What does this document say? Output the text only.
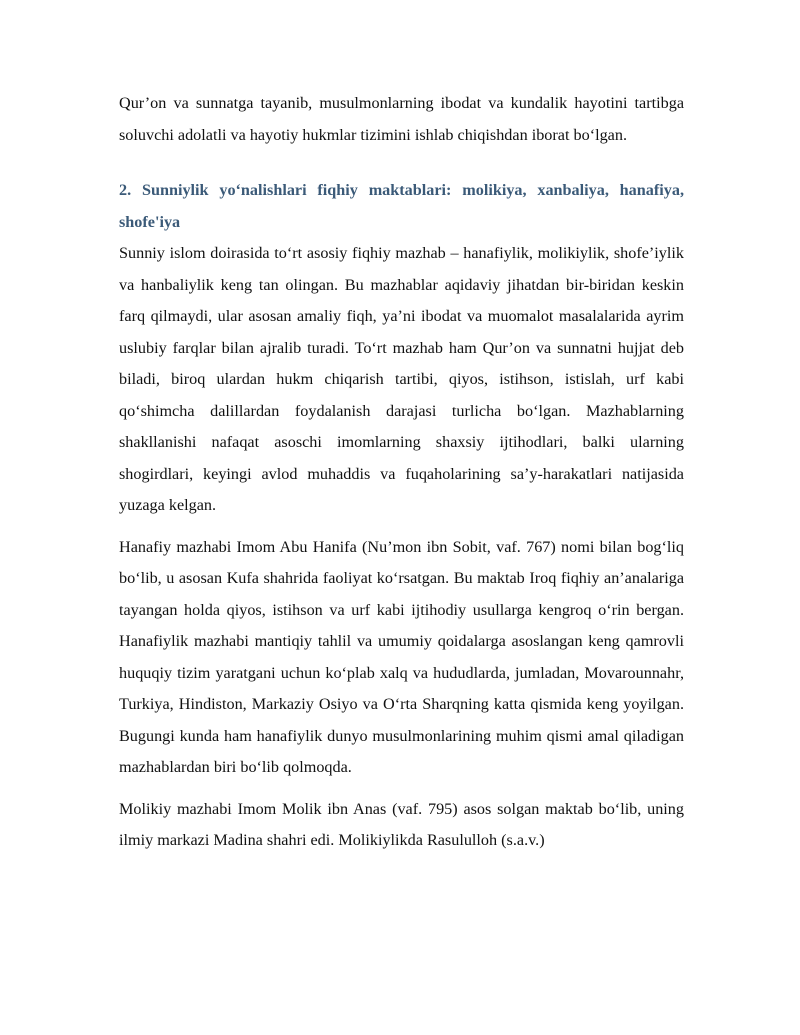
Qur’on va sunnatga tayanib, musulmonlarning ibodat va kundalik hayotini tartibga soluvchi adolatli va hayotiy hukmlar tizimini ishlab chiqishdan iborat bo‘lgan.

2. Sunniylik yo‘nalishlari fiqhiy maktablari: molikiya, xanbaliya, hanafiya, shofe'iya

Sunniy islom doirasida to‘rt asosiy fiqhiy mazhab – hanafiylik, molikiylik, shofe’iylik va hanbaliylik keng tan olingan. Bu mazhablar aqidaviy jihatdan bir-biridan keskin farq qilmaydi, ular asosan amaliy fiqh, ya’ni ibodat va muomalot masalalarida ayrim uslubiy farqlar bilan ajralib turadi. To‘rt mazhab ham Qur’on va sunnatni hujjat deb biladi, biroq ulardan hukm chiqarish tartibi, qiyos, istihson, istislah, urf kabi qo‘shimcha dalillardan foydalanish darajasi turlicha bo‘lgan. Mazhablarning shakllanishi nafaqat asoschi imomlarning shaxsiy ijtihodlari, balki ularning shogirdlari, keyingi avlod muhaddis va fuqaholarining sa’y-harakatlari natijasida yuzaga kelgan.

Hanafiy mazhabi Imom Abu Hanifa (Nu’mon ibn Sobit, vaf. 767) nomi bilan bog‘liq bo‘lib, u asosan Kufa shahrida faoliyat ko‘rsatgan. Bu maktab Iroq fiqhiy an’analariga tayangan holda qiyos, istihson va urf kabi ijtihodiy usullarga kengroq o‘rin bergan. Hanafiylik mazhabi mantiqiy tahlil va umumiy qoidalarga asoslangan keng qamrovli huquqiy tizim yaratgani uchun ko‘plab xalq va hududlarda, jumladan, Movarounnahr, Turkiya, Hindiston, Markaziy Osiyo va O‘rta Sharqning katta qismida keng yoyilgan. Bugungi kunda ham hanafiylik dunyo musulmonlarining muhim qismi amal qiladigan mazhablardan biri bo‘lib qolmoqda.

Molikiy mazhabi Imom Molik ibn Anas (vaf. 795) asos solgan maktab bo‘lib, uning ilmiy markazi Madina shahri edi. Molikiylikda Rasululloh (s.a.v.)
